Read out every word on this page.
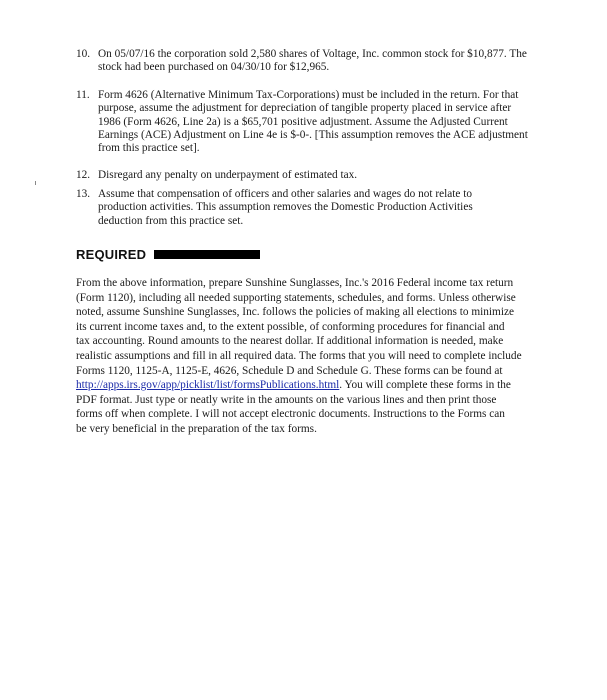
10. On 05/07/16 the corporation sold 2,580 shares of Voltage, Inc. common stock for $10,877. The
stock had been purchased on 04/30/10 for $12,965.
11. Form 4626 (Alternative Minimum Tax-Corporations) must be included in the return. For that
purpose, assume the adjustment for depreciation of tangible property placed in service after
1986 (Form 4626, Line 2a) is a $65,701 positive adjustment. Assume the Adjusted Current
Earnings (ACE) Adjustment on Line 4e is $-0-. [This assumption removes the ACE adjustment
from this practice set].
12. Disregard any penalty on underpayment of estimated tax.
13. Assume that compensation of officers and other salaries and wages do not relate to
production activities. This assumption removes the Domestic Production Activities
deduction from this practice set.
REQUIRED
From the above information, prepare Sunshine Sunglasses, Inc.'s 2016 Federal income tax return
(Form 1120), including all needed supporting statements, schedules, and forms. Unless otherwise
noted, assume Sunshine Sunglasses, Inc. follows the policies of making all elections to minimize
its current income taxes and, to the extent possible, of conforming procedures for financial and
tax accounting. Round amounts to the nearest dollar. If additional information is needed, make
realistic assumptions and fill in all required data. The forms that you will need to complete include
Forms 1120, 1125-A, 1125-E, 4626, Schedule D and Schedule G. These forms can be found at
http://apps.irs.gov/app/picklist/list/formsPublications.html. You will complete these forms in the
PDF format. Just type or neatly write in the amounts on the various lines and then print those
forms off when complete. I will not accept electronic documents. Instructions to the Forms can
be very beneficial in the preparation of the tax forms.
